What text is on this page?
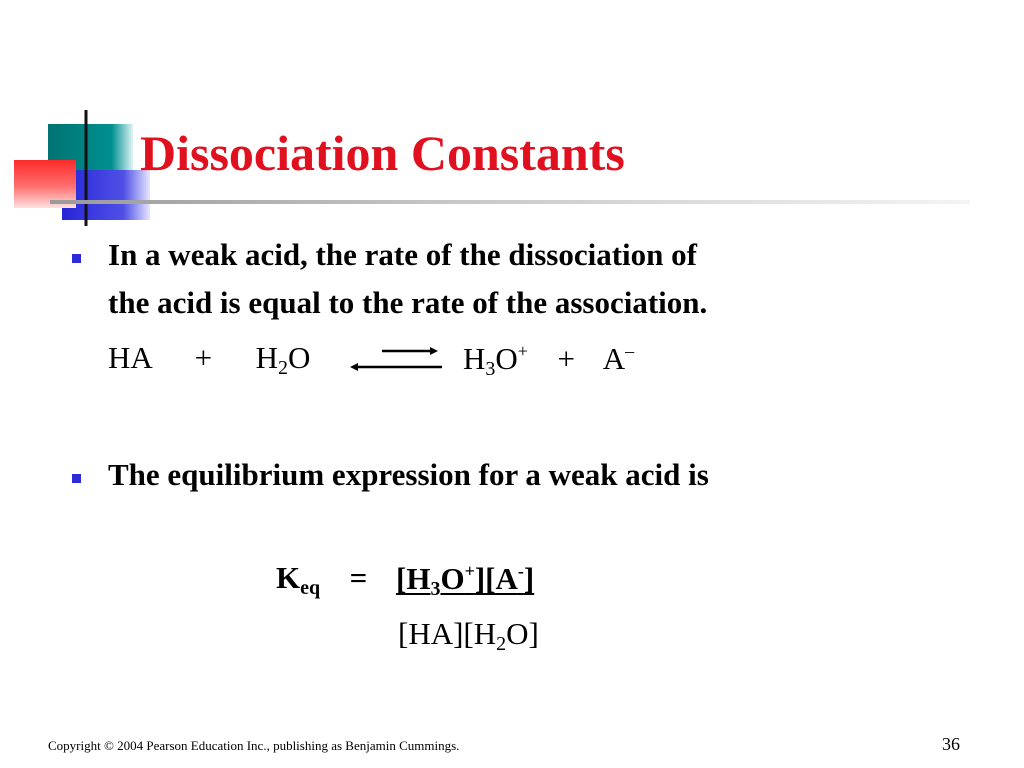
Dissociation Constants
In a weak acid, the rate of the dissociation of
the acid is equal to the rate of the association.
HA + $H_2O$	$H_3O^+ + A^-$
The equilibrium expression for a weak acid is
$K_{eq} = [H_3O^+][A^-]$
$[HA][H_2O]$
Copyright © 2004 Pearson Education Inc., publishing as Benjamin Cummings.	36
